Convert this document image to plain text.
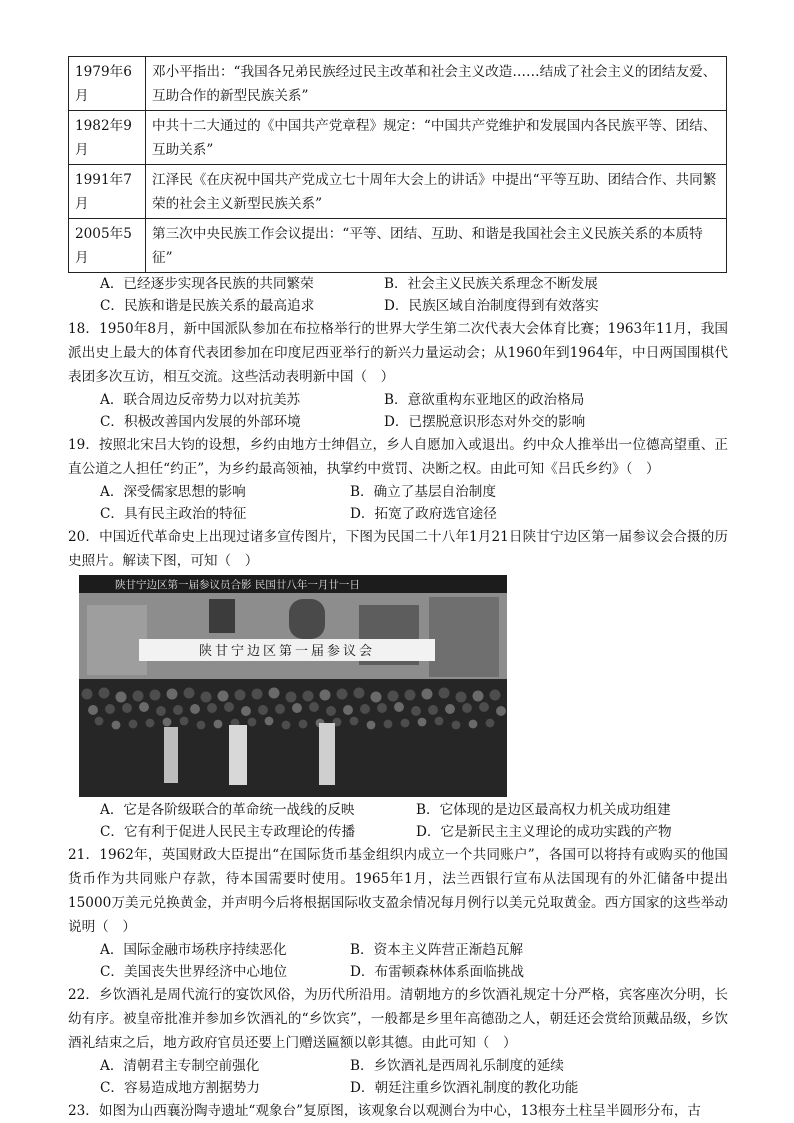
1979年6月	邓小平指出：“我国各兄弟民族经过民主改革和社会主义改造……结成了社会主义的团结友爱、互助合作的新型民族关系”
1982年9月	中共十二大通过的《中国共产党章程》规定：“中国共产党维护和发展国内各民族平等、团结、互助关系”
1991年7月	江泽民《在庆祝中国共产党成立七十周年大会上的讲话》中提出“平等互助、团结合作、共同繁荣的社会主义新型民族关系”
2005年5月	第三次中央民族工作会议提出：“平等、团结、互助、和谐是我国社会主义民族关系的本质特征”
A．已经逐步实现各民族的共同繁荣	B．社会主义民族关系理念不断发展
C．民族和谐是民族关系的最高追求	D．民族区域自治制度得到有效落实

18．1950年8月，新中国派队参加在布拉格举行的世界大学生第二次代表大会体育比赛；1963年11月，我国派出史上最大的体育代表团参加在印度尼西亚举行的新兴力量运动会；从1960年到1964年，中日两国围棋代表团多次互访，相互交流。这些活动表明新中国（　）

A．联合周边反帝势力以对抗美苏	B．意欲重构东亚地区的政治格局
C．积极改善国内发展的外部环境	D．已摆脱意识形态对外交的影响

19．按照北宋吕大钧的设想，乡约由地方士绅倡立，乡人自愿加入或退出。约中众人推举出一位德高望重、正直公道之人担任“约正”，为乡约最高领袖，执掌约中赏罚、决断之权。由此可知《吕氏乡约》（　）

A．深受儒家思想的影响	B．确立了基层自治制度
C．具有民主政治的特征	D．拓宽了政府选官途径

20．中国近代革命史上出现过诸多宣传图片，下图为民国二十八年1月21日陕甘宁边区第一届参议会合摄的历史照片。解读下图，可知（　）

陕甘宁边区第一届参议员合影 民国廿八年一月廿一日
陕甘宁边区第一届参议会
A．它是各阶级联合的革命统一战线的反映	B．它体现的是边区最高权力机关成功组建
C．它有利于促进人民民主专政理论的传播	D．它是新民主主义理论的成功实践的产物

21．1962年，英国财政大臣提出“在国际货币基金组织内成立一个共同账户”，各国可以将持有或购买的他国货币作为共同账户存款，待本国需要时使用。1965年1月，法兰西银行宣布从法国现有的外汇储备中提出15000万美元兑换黄金，并声明今后将根据国际收支盈余情况每月例行以美元兑取黄金。西方国家的这些举动说明（　）

A．国际金融市场秩序持续恶化	B．资本主义阵营正渐趋瓦解
C．美国丧失世界经济中心地位	D．布雷顿森林体系面临挑战

22．乡饮酒礼是周代流行的宴饮风俗，为历代所沿用。清朝地方的乡饮酒礼规定十分严格，宾客座次分明，长幼有序。被皇帝批准并参加乡饮酒礼的“乡饮宾”，一般都是乡里年高德劭之人，朝廷还会赏给顶戴品级，乡饮酒礼结束之后，地方政府官员还要上门赠送匾额以彰其德。由此可知（　）

A．清朝君主专制空前强化	B．乡饮酒礼是西周礼乐制度的延续
C．容易造成地方割据势力	D．朝廷注重乡饮酒礼制度的教化功能

23．如图为山西襄汾陶寺遗址“观象台”复原图，该观象台以观测台为中心，13根夯土柱呈半圆形分布，古
